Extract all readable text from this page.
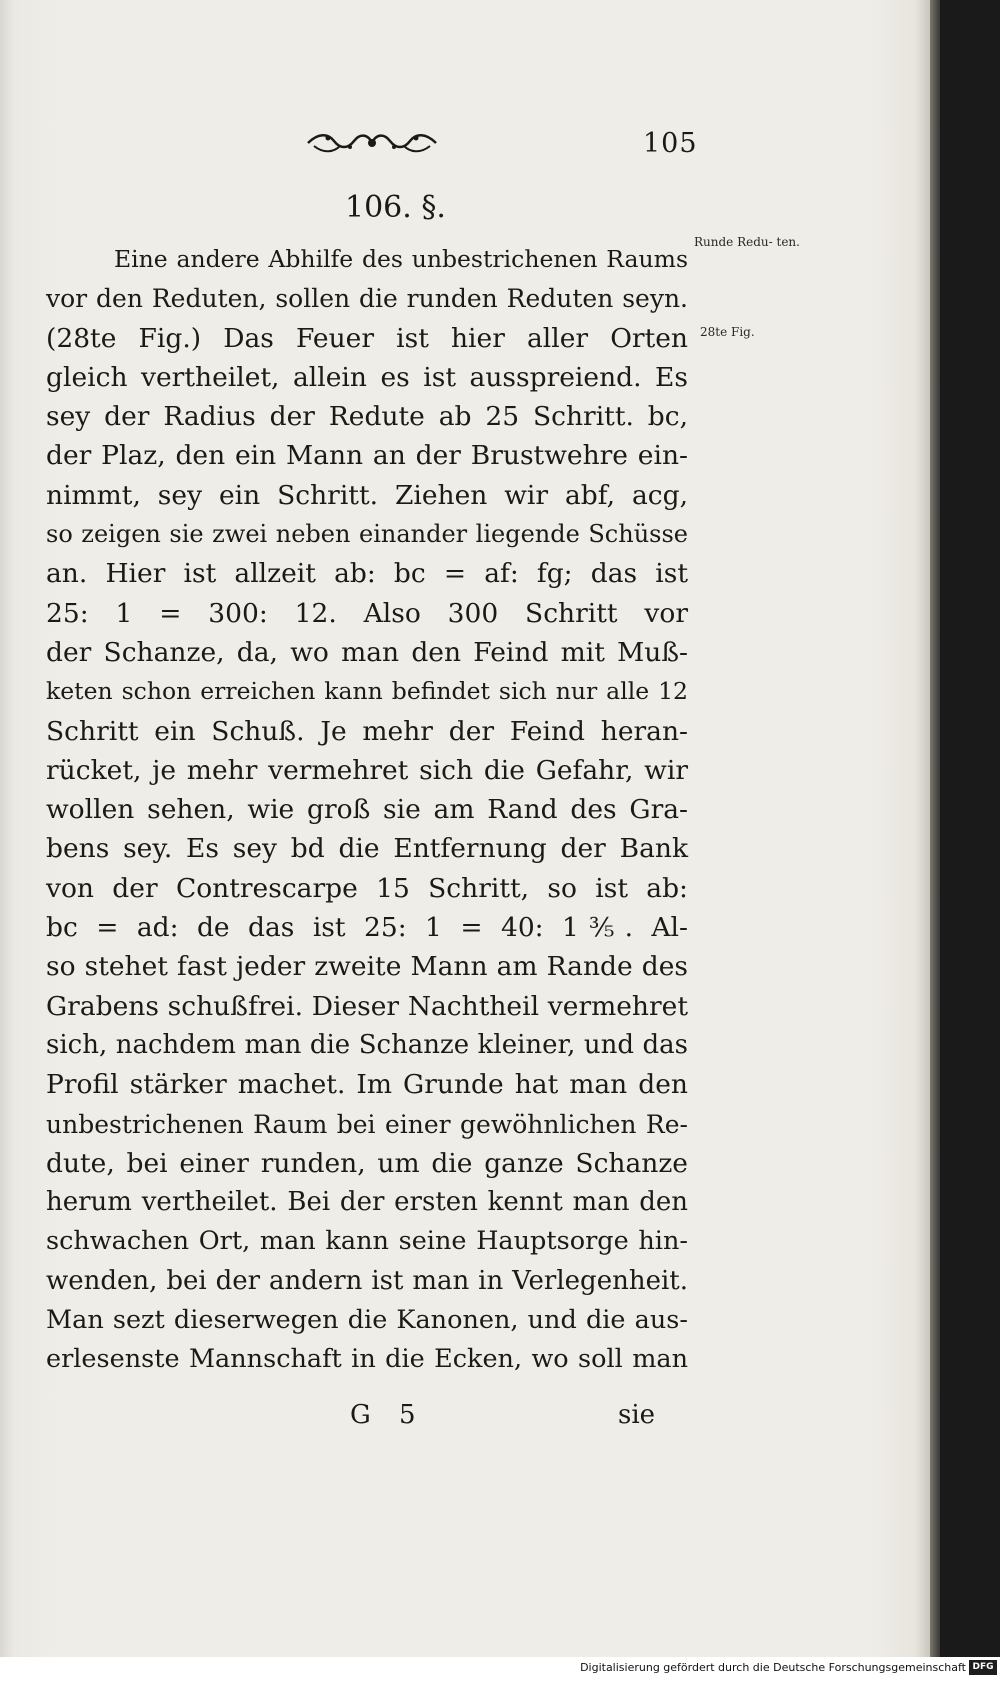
105
106. §.
Runde Redu- ten.
28te Fig.
Eine andere Abhilfe des unbestrichenen Raums
vor den Reduten, sollen die runden Reduten seyn.
(28te Fig.) Das Feuer ist hier aller Orten
gleich vertheilet, allein es ist ausspreiend. Es
sey der Radius der Redute ab 25 Schritt. bc,
der Plaz, den ein Mann an der Brustwehre ein-
nimmt, sey ein Schritt. Ziehen wir abf, acg,
so zeigen sie zwei neben einander liegende Schüsse
an. Hier ist allzeit ab: bc = af: fg; das ist
25: 1 = 300: 12. Also 300 Schritt vor
der Schanze, da, wo man den Feind mit Muß-
keten schon erreichen kann befindet sich nur alle 12
Schritt ein Schuß. Je mehr der Feind heran-
rücket, je mehr vermehret sich die Gefahr, wir
wollen sehen, wie groß sie am Rand des Gra-
bens sey. Es sey bd die Entfernung der Bank
von der Contrescarpe 15 Schritt, so ist ab:
bc = ad: de das ist 25: 1 = 40: 1⅗. Al-
so stehet fast jeder zweite Mann am Rande des
Grabens schußfrei. Dieser Nachtheil vermehret
sich, nachdem man die Schanze kleiner, und das
Profil stärker machet. Im Grunde hat man den
unbestrichenen Raum bei einer gewöhnlichen Re-
dute, bei einer runden, um die ganze Schanze
herum vertheilet. Bei der ersten kennt man den
schwachen Ort, man kann seine Hauptsorge hin-
wenden, bei der andern ist man in Verlegenheit.
Man sezt dieserwegen die Kanonen, und die aus-
erlesenste Mannschaft in die Ecken, wo soll man
G 5	sie
Digitalisierung gefördert durch die Deutsche Forschungsgemeinschaft DFG
